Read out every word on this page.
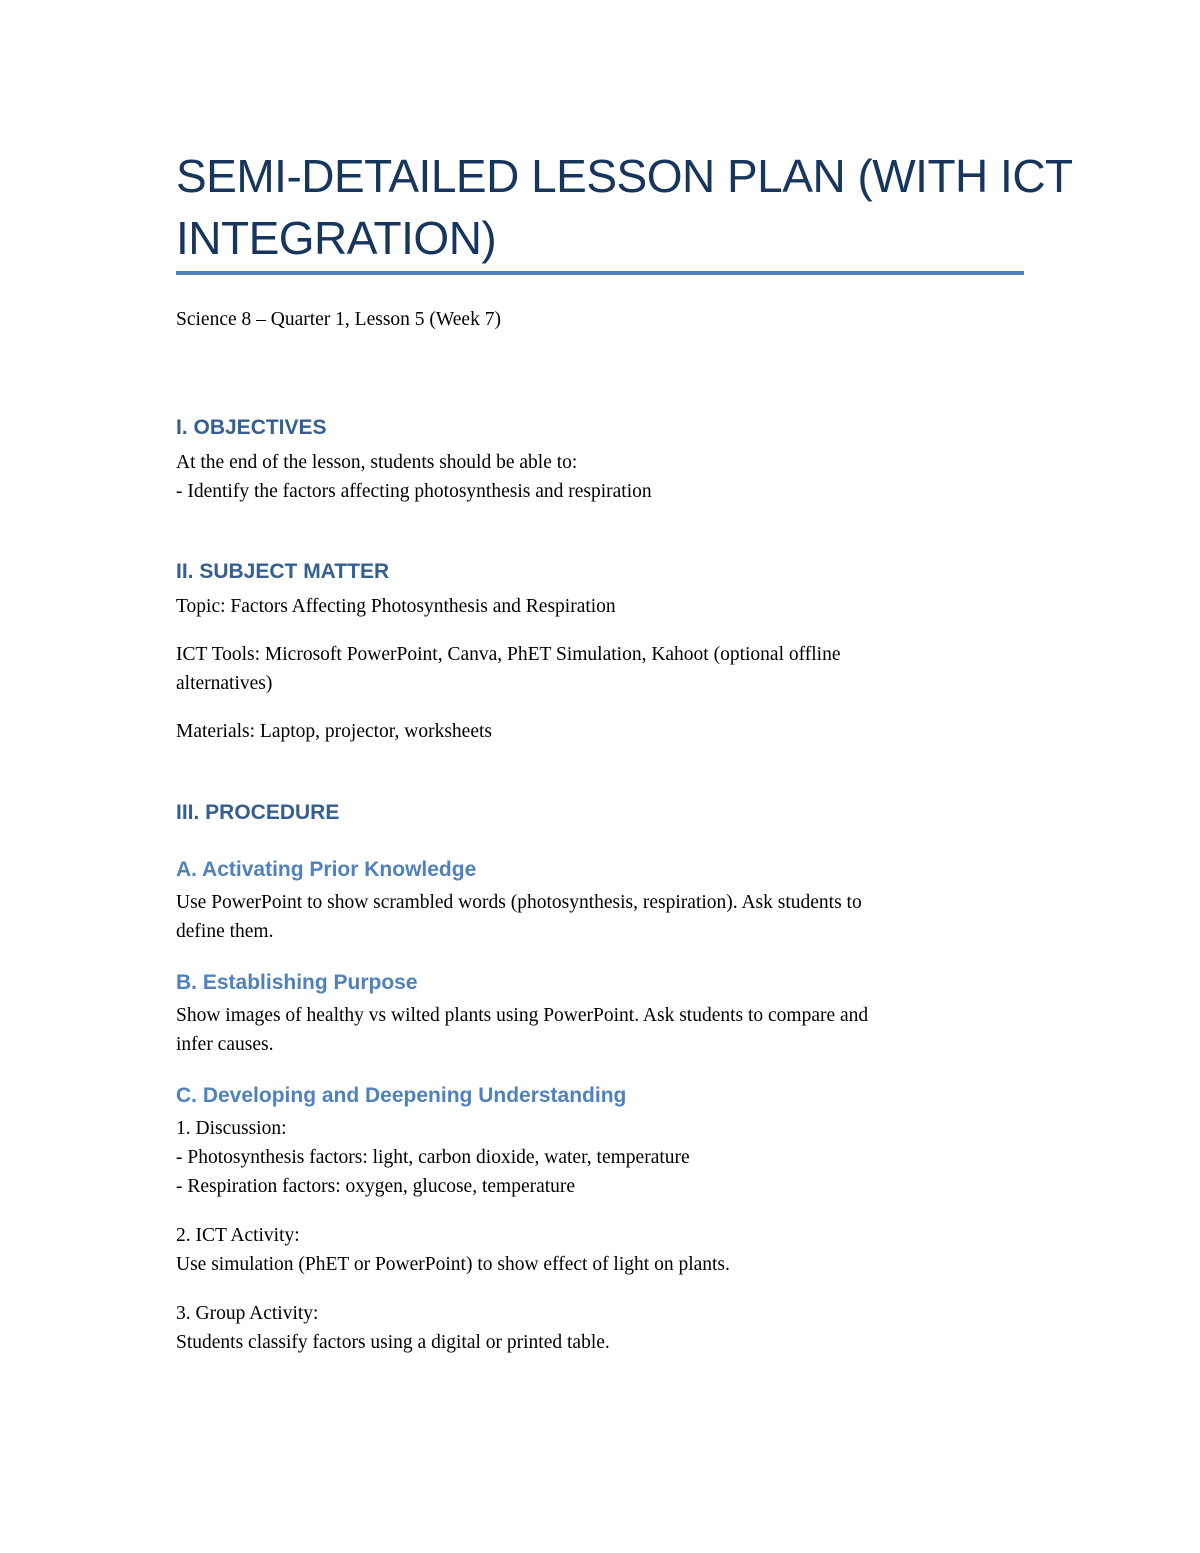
SEMI-DETAILED LESSON PLAN (WITH ICT
INTEGRATION)

Science 8 – Quarter 1, Lesson 5 (Week 7)

I. OBJECTIVES

At the end of the lesson, students should be able to:

- Identify the factors affecting photosynthesis and respiration

II. SUBJECT MATTER

Topic: Factors Affecting Photosynthesis and Respiration

ICT Tools: Microsoft PowerPoint, Canva, PhET Simulation, Kahoot (optional offline
alternatives)

Materials: Laptop, projector, worksheets

III. PROCEDURE
A. Activating Prior Knowledge

Use PowerPoint to show scrambled words (photosynthesis, respiration). Ask students to
define them.

B. Establishing Purpose

Show images of healthy vs wilted plants using PowerPoint. Ask students to compare and
infer causes.

C. Developing and Deepening Understanding

1. Discussion:
- Photosynthesis factors: light, carbon dioxide, water, temperature
- Respiration factors: oxygen, glucose, temperature

2. ICT Activity:
Use simulation (PhET or PowerPoint) to show effect of light on plants.

3. Group Activity:
Students classify factors using a digital or printed table.
